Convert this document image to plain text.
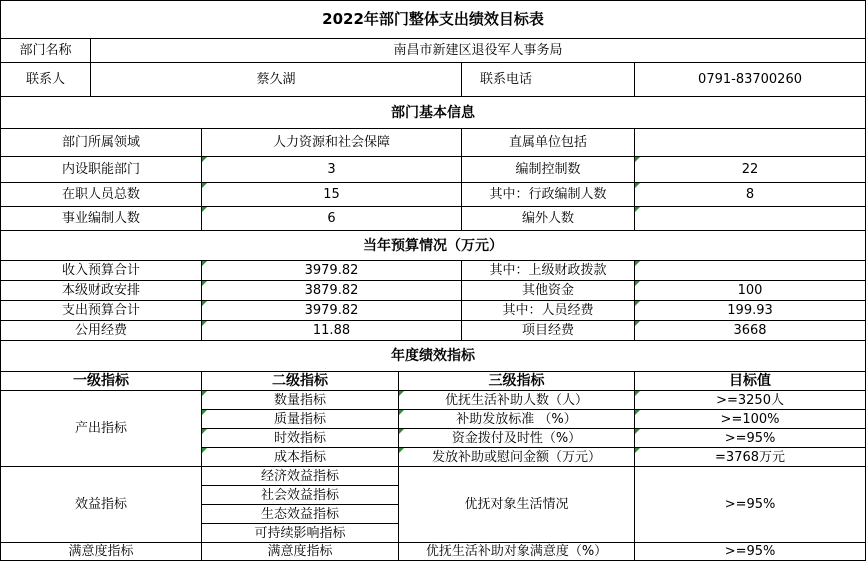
2022年部门整体支出绩效目标表					
部门名称	南昌市新建区退役军人事务局				
联系人	蔡久湖			联系电话	0791-83700260
部门基本信息					
部门所属领域		人力资源和社会保障		直属单位包括	
内设职能部门		3		编制控制数	22
在职人员总数		15		其中：行政编制人数	8
事业编制人数		6		编外人数	
当年预算情况（万元）					
收入预算合计		3979.82		其中：上级财政拨款	
本级财政安排		3879.82		其他资金	100
支出预算合计		3979.82		其中：人员经费	199.93
公用经费		11.88		项目经费	3668
年度绩效指标					
一级指标		二级指标	三级指标		目标值
产出指标		数量指标	优抚生活补助人数（人）		>=3250人
		质量指标	补助发放标准 （%）		>=100%
		时效指标	资金拨付及时性（%）		>=95%
		成本指标	发放补助或慰问金额（万元）		=3768万元
效益指标		经济效益指标	优抚对象生活情况		>=95%
		社会效益指标			
		生态效益指标			
		可持续影响指标			
满意度指标		满意度指标	优抚生活补助对象满意度（%）		>=95%
